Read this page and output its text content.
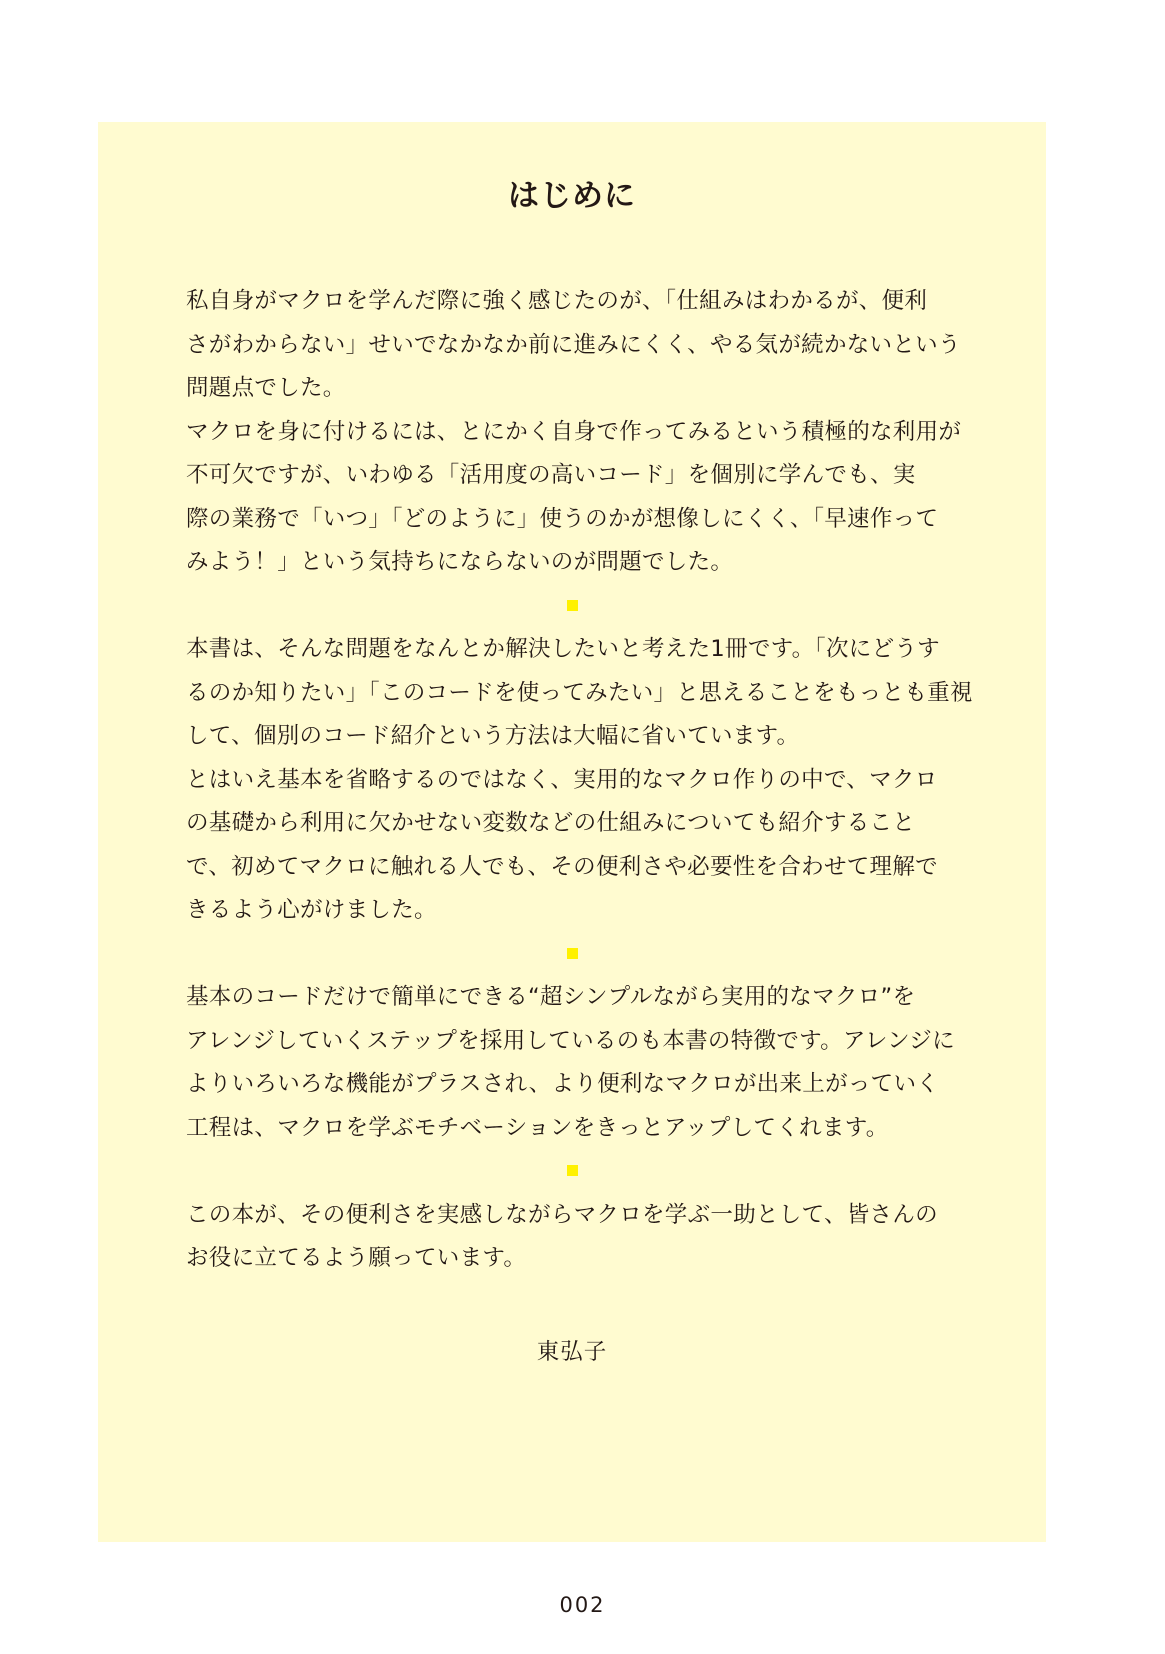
はじめに

私自身がマクロを学んだ際に強く感じたのが、「仕組みはわかるが、便利
さがわからない」せいでなかなか前に進みにくく、やる気が続かないという
問題点でした。
マクロを身に付けるには、とにかく自身で作ってみるという積極的な利用が
不可欠ですが、いわゆる「活用度の高いコード」を個別に学んでも、実
際の業務で「いつ」「どのように」使うのかが想像しにくく、「早速作って
みよう！」という気持ちにならないのが問題でした。

本書は、そんな問題をなんとか解決したいと考えた1冊です。「次にどうす
るのか知りたい」「このコードを使ってみたい」と思えることをもっとも重視
して、個別のコード紹介という方法は大幅に省いています。
とはいえ基本を省略するのではなく、実用的なマクロ作りの中で、マクロ
の基礎から利用に欠かせない変数などの仕組みについても紹介すること
で、初めてマクロに触れる人でも、その便利さや必要性を合わせて理解で
きるよう心がけました。

基本のコードだけで簡単にできる“超シンプルながら実用的なマクロ”を
アレンジしていくステップを採用しているのも本書の特徴です。アレンジに
よりいろいろな機能がプラスされ、より便利なマクロが出来上がっていく
工程は、マクロを学ぶモチベーションをきっとアップしてくれます。

この本が、その便利さを実感しながらマクロを学ぶ一助として、皆さんの
お役に立てるよう願っています。

東弘子
002
